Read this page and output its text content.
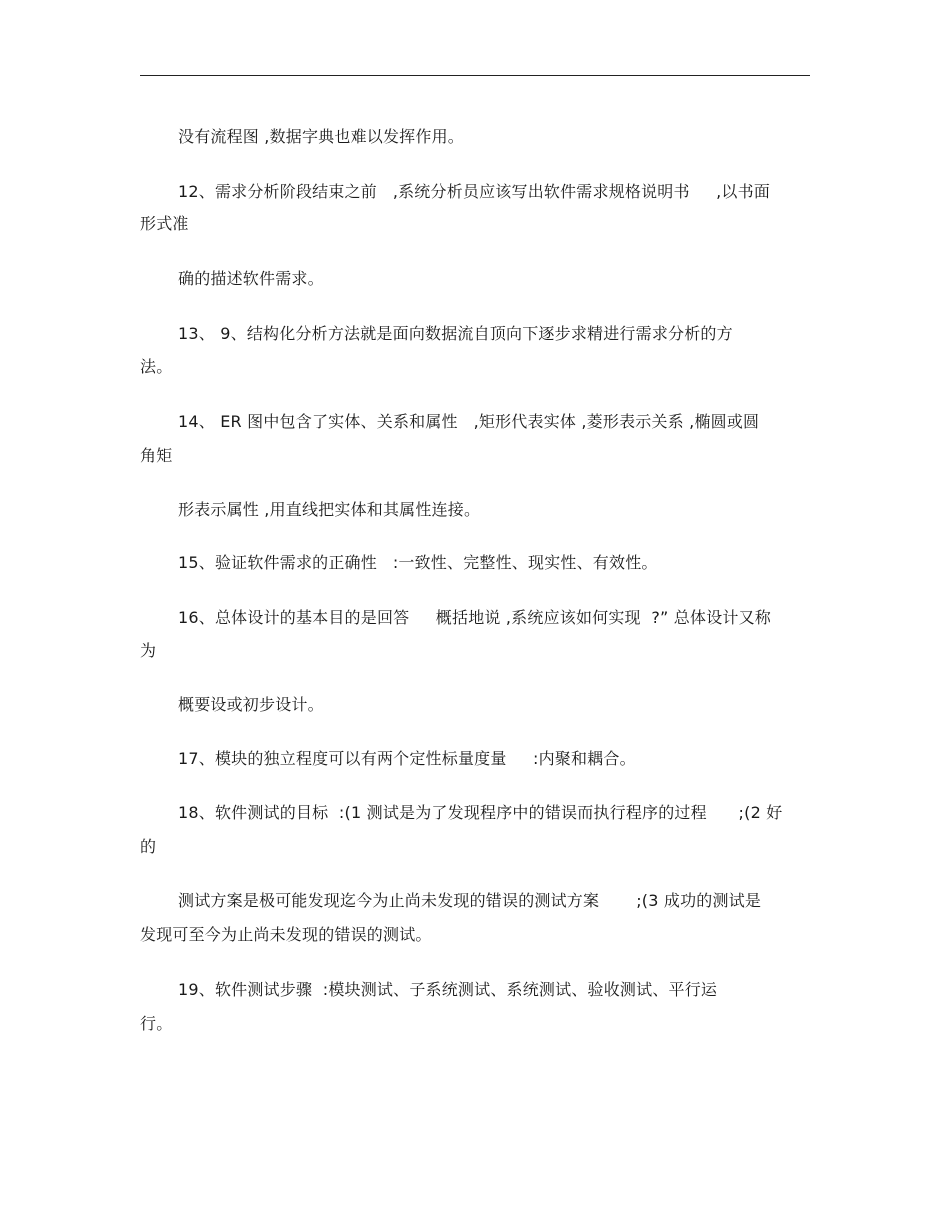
没有流程图 ,数据字典也难以发挥作用。
12、需求分析阶段结束之前   ,系统分析员应该写出软件需求规格说明书     ,以书面
形式准
确的描述软件需求。
13、 9、结构化分析方法就是面向数据流自顶向下逐步求精进行需求分析的方
法。
14、 ER 图中包含了实体、关系和属性   ,矩形代表实体 ,菱形表示关系 ,椭圆或圆
角矩
形表示属性 ,用直线把实体和其属性连接。
15、验证软件需求的正确性   :一致性、完整性、现实性、有效性。
16、总体设计的基本目的是回答     概括地说 ,系统应该如何实现  ?” 总体设计又称
为
概要设或初步设计。
17、模块的独立程度可以有两个定性标量度量     :内聚和耦合。
18、软件测试的目标  :(1 测试是为了发现程序中的错误而执行程序的过程      ;(2 好
的
测试方案是极可能发现迄今为止尚未发现的错误的测试方案       ;(3 成功的测试是
发现可至今为止尚未发现的错误的测试。
19、软件测试步骤  :模块测试、子系统测试、系统测试、验收测试、平行运
行。
